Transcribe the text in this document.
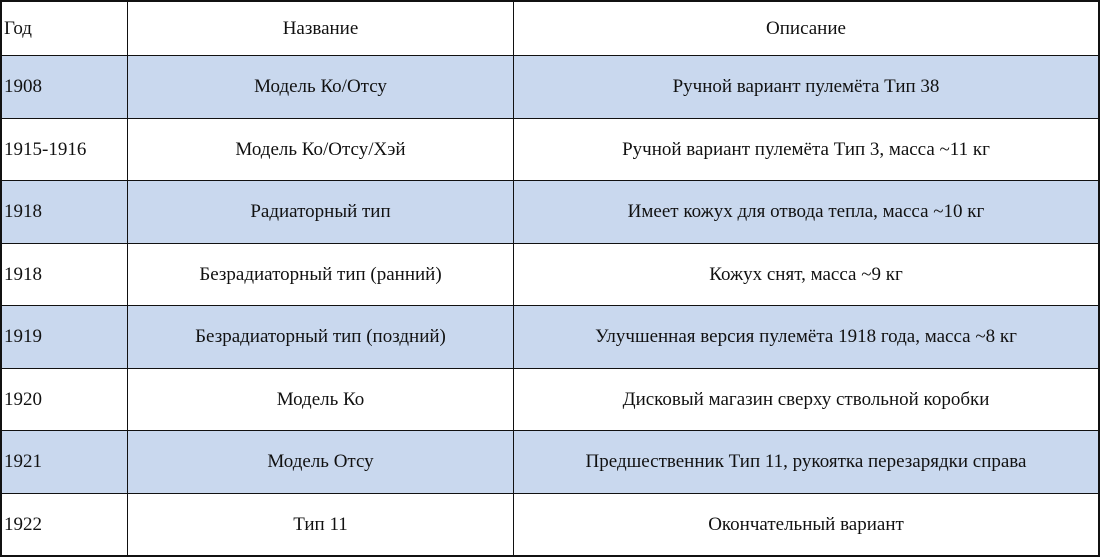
Год	Название	Описание
1908	Модель Ко/Отсу	Ручной вариант пулемёта Тип 38
1915-1916	Модель Ко/Отсу/Хэй	Ручной вариант пулемёта Тип 3, масса ~11 кг
1918	Радиаторный тип	Имеет кожух для отвода тепла, масса ~10 кг
1918	Безрадиаторный тип (ранний)	Кожух снят, масса ~9 кг
1919	Безрадиаторный тип (поздний)	Улучшенная версия пулемёта 1918 года, масса ~8 кг
1920	Модель Ко	Дисковый магазин сверху ствольной коробки
1921	Модель Отсу	Предшественник Тип 11, рукоятка перезарядки справа
1922	Тип 11	Окончательный вариант
